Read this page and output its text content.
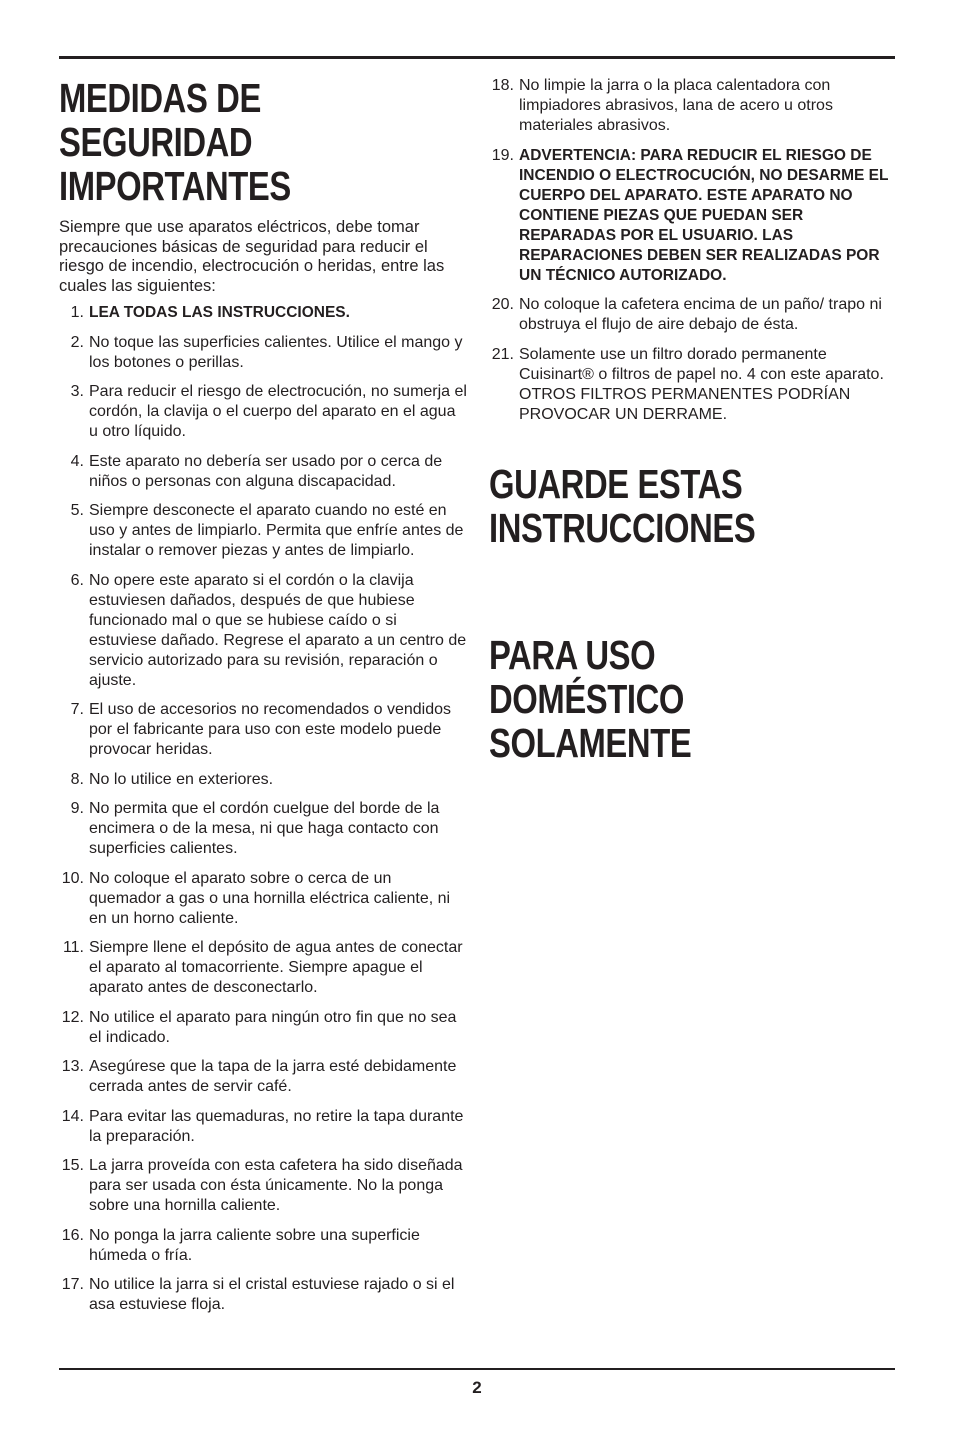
MEDIDAS DE
SEGURIDAD
IMPORTANTES

Siempre que use aparatos eléctricos, debe tomar precauciones básicas de seguridad para reducir el riesgo de incendio, electrocución o heridas, entre las cuales las siguientes:

1. LEA TODAS LAS INSTRUCCIONES.
2. No toque las superficies calientes. Utilice el mango y los botones o perillas.
3. Para reducir el riesgo de electrocución, no sumerja el cordón, la clavija o el cuerpo del aparato en el agua u otro líquido.
4. Este aparato no debería ser usado por o cerca de niños o personas con alguna discapacidad.
5. Siempre desconecte el aparato cuando no esté en uso y antes de limpiarlo. Permita que enfríe antes de instalar o remover piezas y antes de limpiarlo.
6. No opere este aparato si el cordón o la clavija estuviesen dañados, después de que hubiese funcionado mal o que se hubiese caído o si estuviese dañado. Regrese el aparato a un centro de servicio autorizado para su revisión, reparación o ajuste.
7. El uso de accesorios no recomendados o vendidos por el fabricante para uso con este modelo puede provocar heridas.
8. No lo utilice en exteriores.
9. No permita que el cordón cuelgue del borde de la encimera o de la mesa, ni que haga contacto con superficies calientes.
10. No coloque el aparato sobre o cerca de un quemador a gas o una hornilla eléctrica caliente, ni en un horno caliente.
11. Siempre llene el depósito de agua antes de conectar el aparato al tomacorriente. Siempre apague el aparato antes de desconectarlo.
12. No utilice el aparato para ningún otro fin que no sea el indicado.
13. Asegúrese que la tapa de la jarra esté debidamente cerrada antes de servir café.
14. Para evitar las quemaduras, no retire la tapa durante la preparación.
15. La jarra proveída con esta cafetera ha sido diseñada para ser usada con ésta únicamente. No la ponga sobre una hornilla caliente.
16. No ponga la jarra caliente sobre una superficie húmeda o fría.
17. No utilice la jarra si el cristal estuviese rajado o si el asa estuviese floja.
18. No limpie la jarra o la placa calentadora con limpiadores abrasivos, lana de acero u otros materiales abrasivos.
19. ADVERTENCIA: PARA REDUCIR EL RIESGO DE INCENDIO O ELECTROCUCIÓN, NO DESARME EL CUERPO DEL APARATO. ESTE APARATO NO CONTIENE PIEZAS QUE PUEDAN SER REPARADAS POR EL USUARIO. LAS REPARACIONES DEBEN SER REALIZADAS POR UN TÉCNICO AUTORIZADO.
20. No coloque la cafetera encima de un paño/ trapo ni obstruya el flujo de aire debajo de ésta.
21. Solamente use un filtro dorado permanente Cuisinart® o filtros de papel no. 4 con este aparato. OTROS FILTROS PERMANENTES PODRÍAN PROVOCAR UN DERRAME.
GUARDE ESTAS
INSTRUCCIONES
PARA USO
DOMÉSTICO
SOLAMENTE
2
